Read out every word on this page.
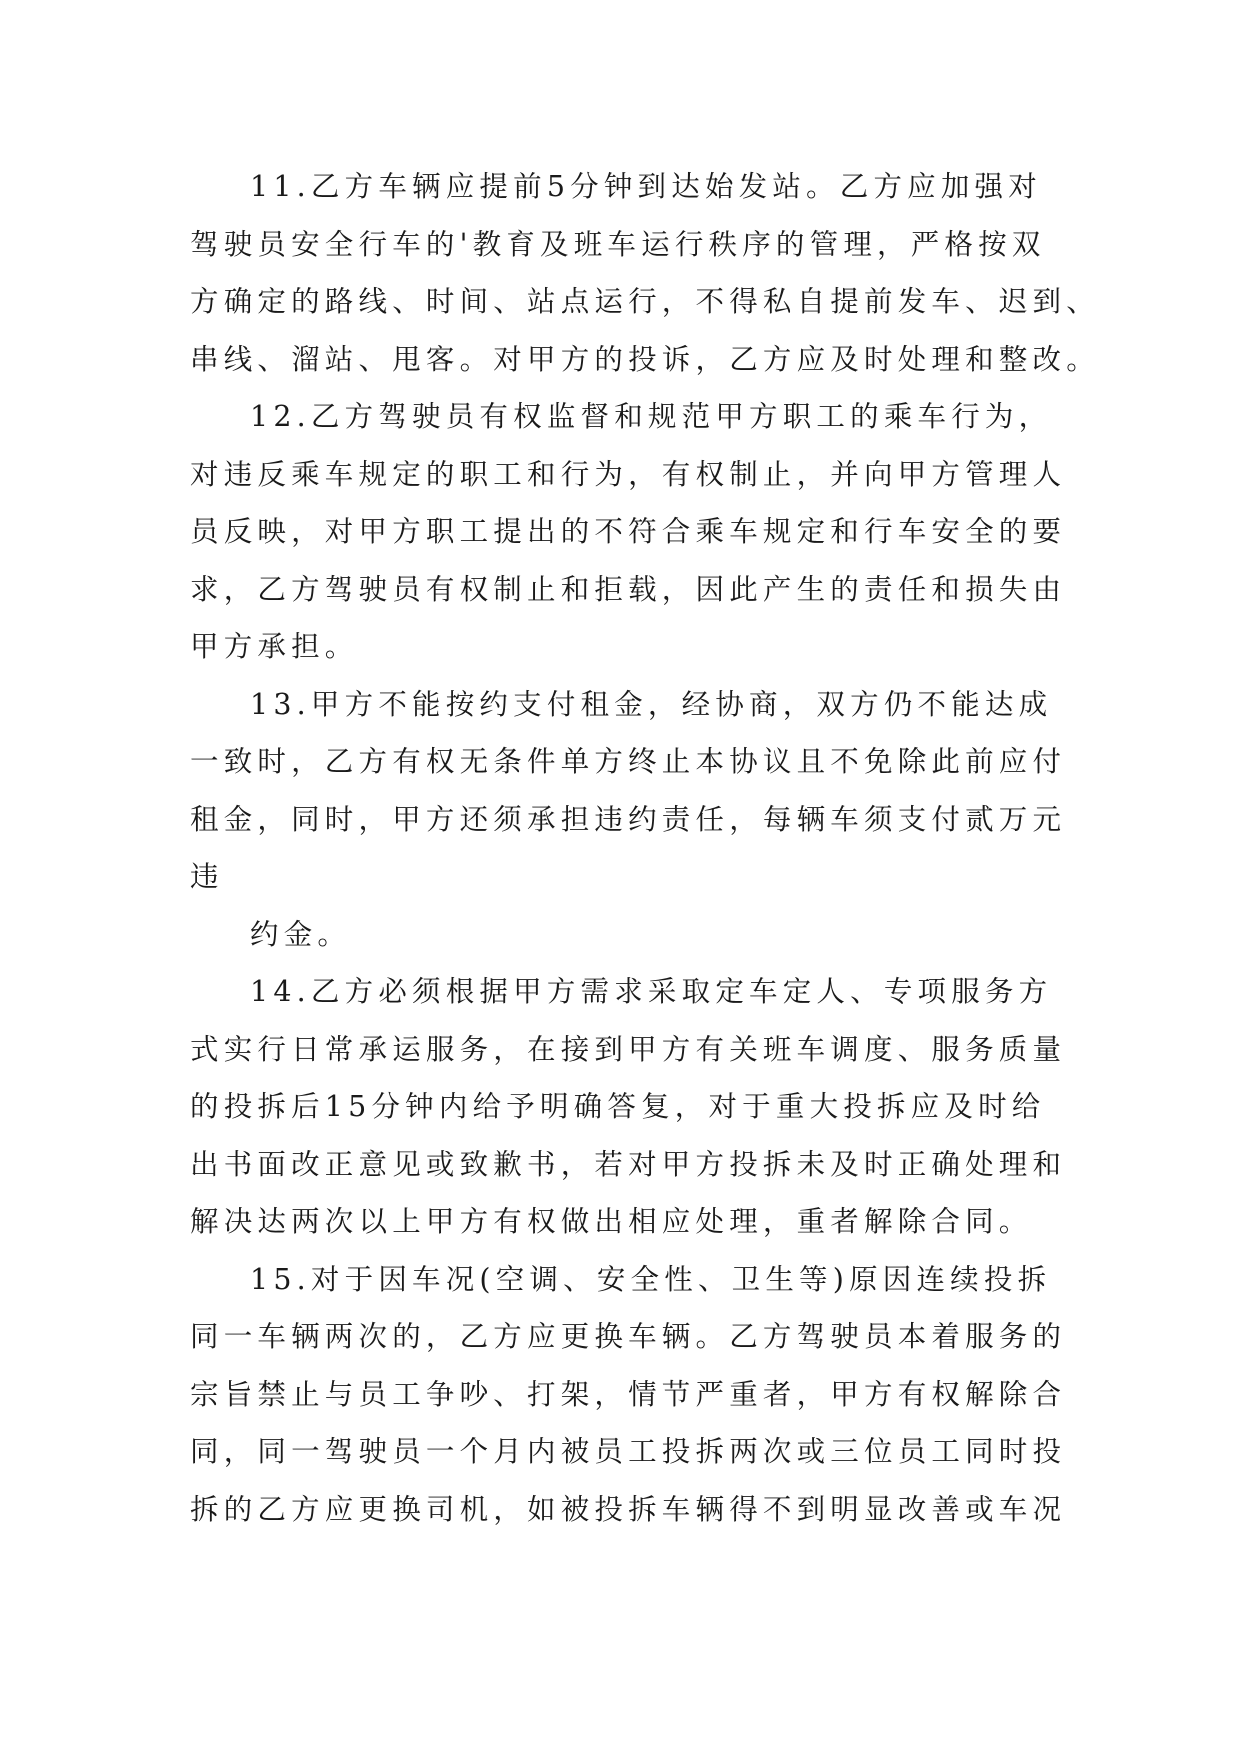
11.乙方车辆应提前5分钟到达始发站。乙方应加强对
驾驶员安全行车的'教育及班车运行秩序的管理，严格按双
方确定的路线、时间、站点运行，不得私自提前发车、迟到、
串线、溜站、甩客。对甲方的投诉，乙方应及时处理和整改。
12.乙方驾驶员有权监督和规范甲方职工的乘车行为，
对违反乘车规定的职工和行为，有权制止，并向甲方管理人
员反映，对甲方职工提出的不符合乘车规定和行车安全的要
求，乙方驾驶员有权制止和拒载，因此产生的责任和损失由
甲方承担。
13.甲方不能按约支付租金，经协商，双方仍不能达成
一致时，乙方有权无条件单方终止本协议且不免除此前应付
租金，同时，甲方还须承担违约责任，每辆车须支付贰万元
违
约金。
14.乙方必须根据甲方需求采取定车定人、专项服务方
式实行日常承运服务，在接到甲方有关班车调度、服务质量
的投拆后15分钟内给予明确答复，对于重大投拆应及时给
出书面改正意见或致歉书，若对甲方投拆未及时正确处理和
解决达两次以上甲方有权做出相应处理，重者解除合同。
15.对于因车况(空调、安全性、卫生等)原因连续投拆
同一车辆两次的，乙方应更换车辆。乙方驾驶员本着服务的
宗旨禁止与员工争吵、打架，情节严重者，甲方有权解除合
同，同一驾驶员一个月内被员工投拆两次或三位员工同时投
拆的乙方应更换司机，如被投拆车辆得不到明显改善或车况
